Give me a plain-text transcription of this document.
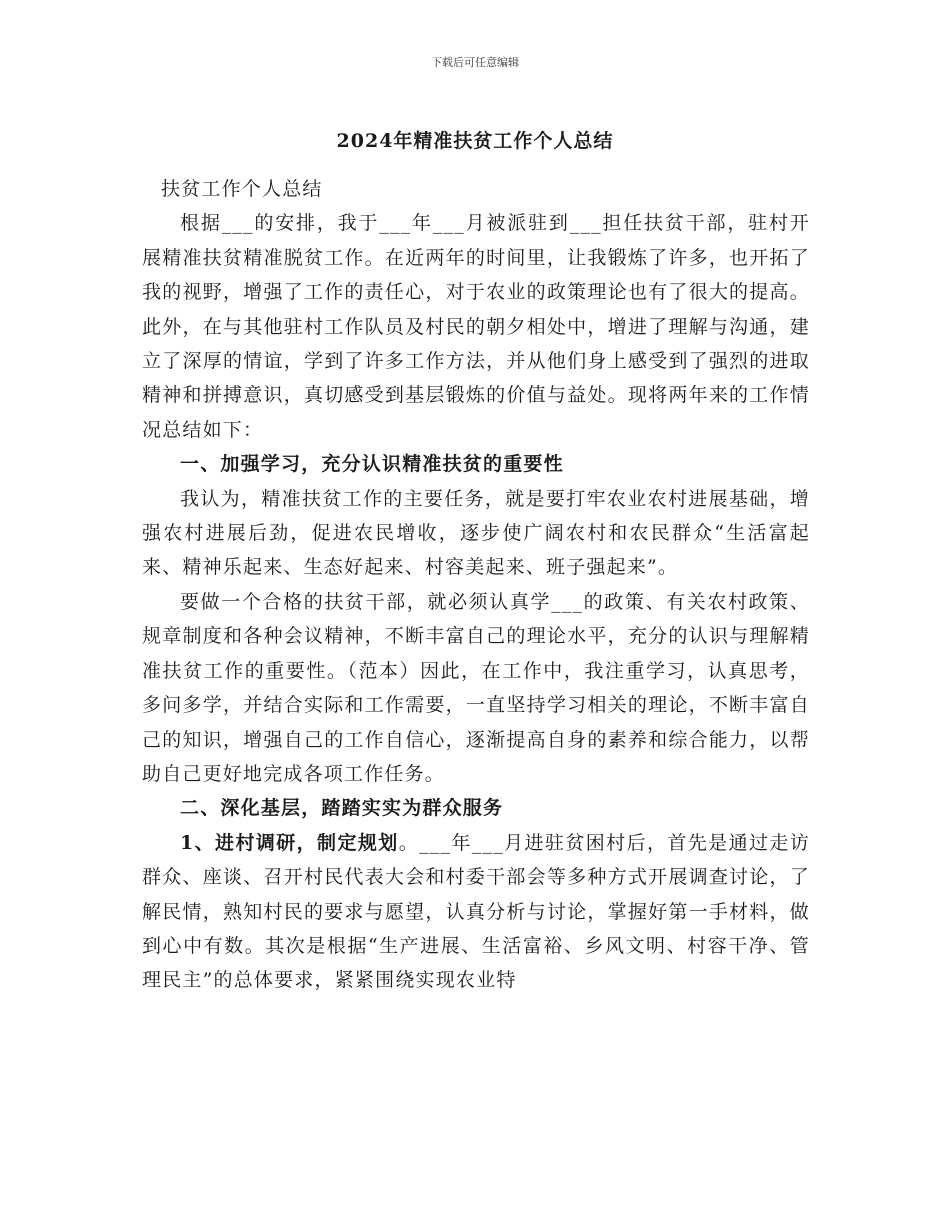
下载后可任意编辑
2024年精准扶贫工作个人总结

扶贫工作个人总结

根据___的安排，我于___年___月被派驻到___担任扶贫干部，驻村开展精准扶贫精准脱贫工作。在近两年的时间里，让我锻炼了许多，也开拓了我的视野，增强了工作的责任心，对于农业的政策理论也有了很大的提高。此外，在与其他驻村工作队员及村民的朝夕相处中，增进了理解与沟通，建立了深厚的情谊，学到了许多工作方法，并从他们身上感受到了强烈的进取精神和拼搏意识，真切感受到基层锻炼的价值与益处。现将两年来的工作情况总结如下：

一、加强学习，充分认识精准扶贫的重要性

我认为，精准扶贫工作的主要任务，就是要打牢农业农村进展基础，增强农村进展后劲，促进农民增收，逐步使广阔农村和农民群众“生活富起来、精神乐起来、生态好起来、村容美起来、班子强起来”。

要做一个合格的扶贫干部，就必须认真学___的政策、有关农村政策、规章制度和各种会议精神，不断丰富自己的理论水平，充分的认识与理解精准扶贫工作的重要性。（范本）因此，在工作中，我注重学习，认真思考，多问多学，并结合实际和工作需要，一直坚持学习相关的理论，不断丰富自己的知识，增强自己的工作自信心，逐渐提高自身的素养和综合能力，以帮助自己更好地完成各项工作任务。

二、深化基层，踏踏实实为群众服务

1、进村调研，制定规划。___年___月进驻贫困村后，首先是通过走访群众、座谈、召开村民代表大会和村委干部会等多种方式开展调查讨论，了解民情，熟知村民的要求与愿望，认真分析与讨论，掌握好第一手材料，做到心中有数。其次是根据“生产进展、生活富裕、乡风文明、村容干净、管理民主”的总体要求，紧紧围绕实现农业特
